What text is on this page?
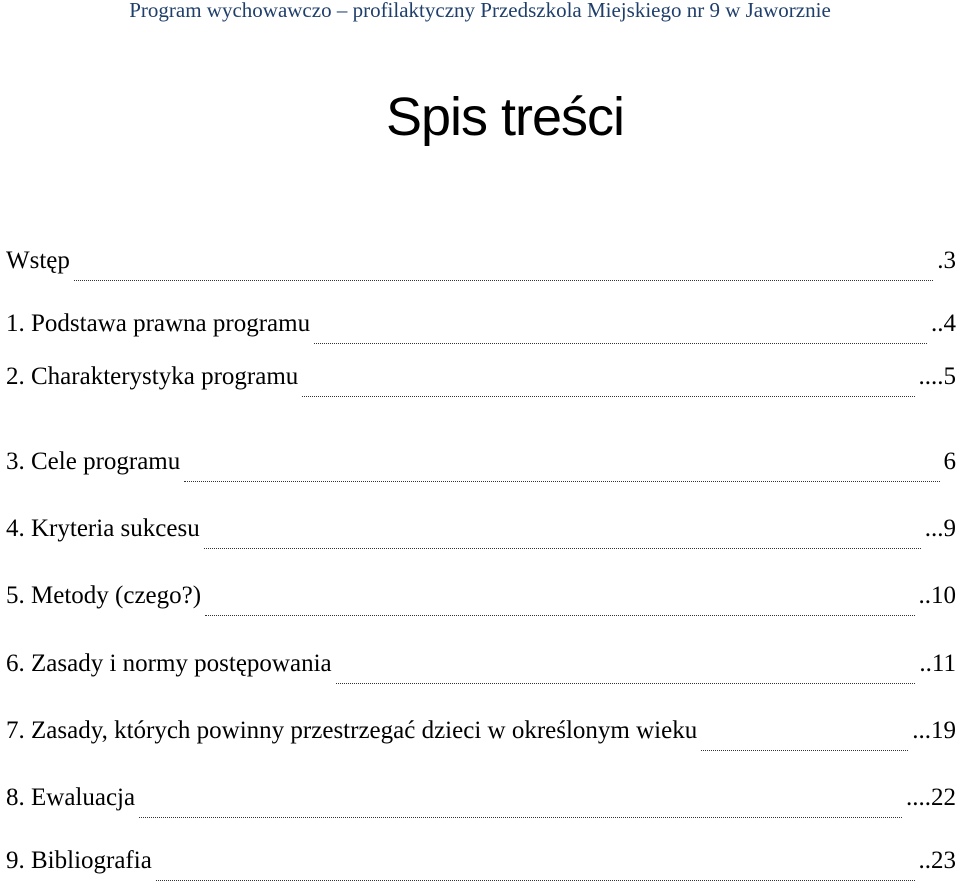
Program wychowawczo – profilaktyczny Przedszkola Miejskiego nr 9 w Jaworznie
Spis treści
Wstęp	.3
1. Podstawa prawna programu	..4
2. Charakterystyka programu	....5
3. Cele programu	6
4. Kryteria sukcesu	...9
5. Metody (czego?)	..10
6. Zasady i normy postępowania	..11
7. Zasady, których powinny przestrzegać dzieci w określonym wieku	...19
8. Ewaluacja	....22
9. Bibliografia	..23
